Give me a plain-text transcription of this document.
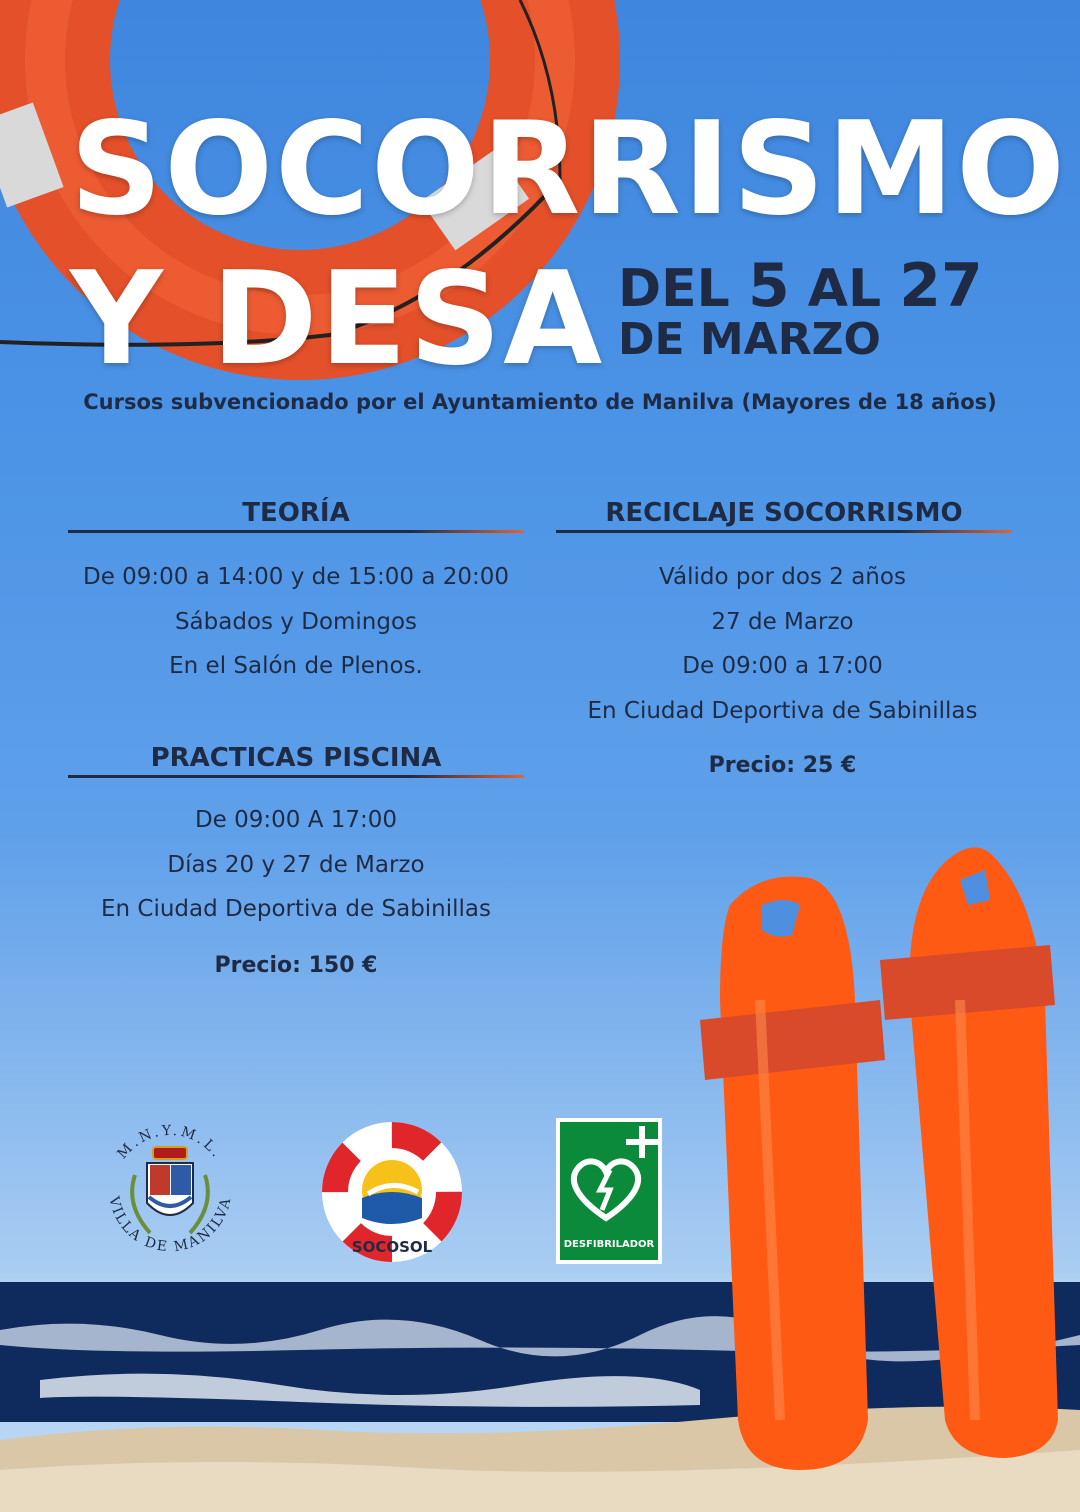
SOCORRISMO
Y DESA DEL 5 AL 27
DE MARZO
Cursos subvencionado por el Ayuntamiento de Manilva (Mayores de 18 años)
TEORÍA
De 09:00 a 14:00 y de 15:00 a 20:00
Sábados y Domingos
En el Salón de Plenos.
RECICLAJE SOCORRISMO
Válido por dos 2 años
27 de Marzo
De 09:00 a 17:00
En Ciudad Deportiva de Sabinillas
Precio: 25 €
PRACTICAS PISCINA
De 09:00 A 17:00
Días 20 y 27 de Marzo
En Ciudad Deportiva de Sabinillas
Precio: 150 €
M.N.Y.M.L.
VILLA DE MANILVA
SOCOSOL	DESFIBRILADOR
